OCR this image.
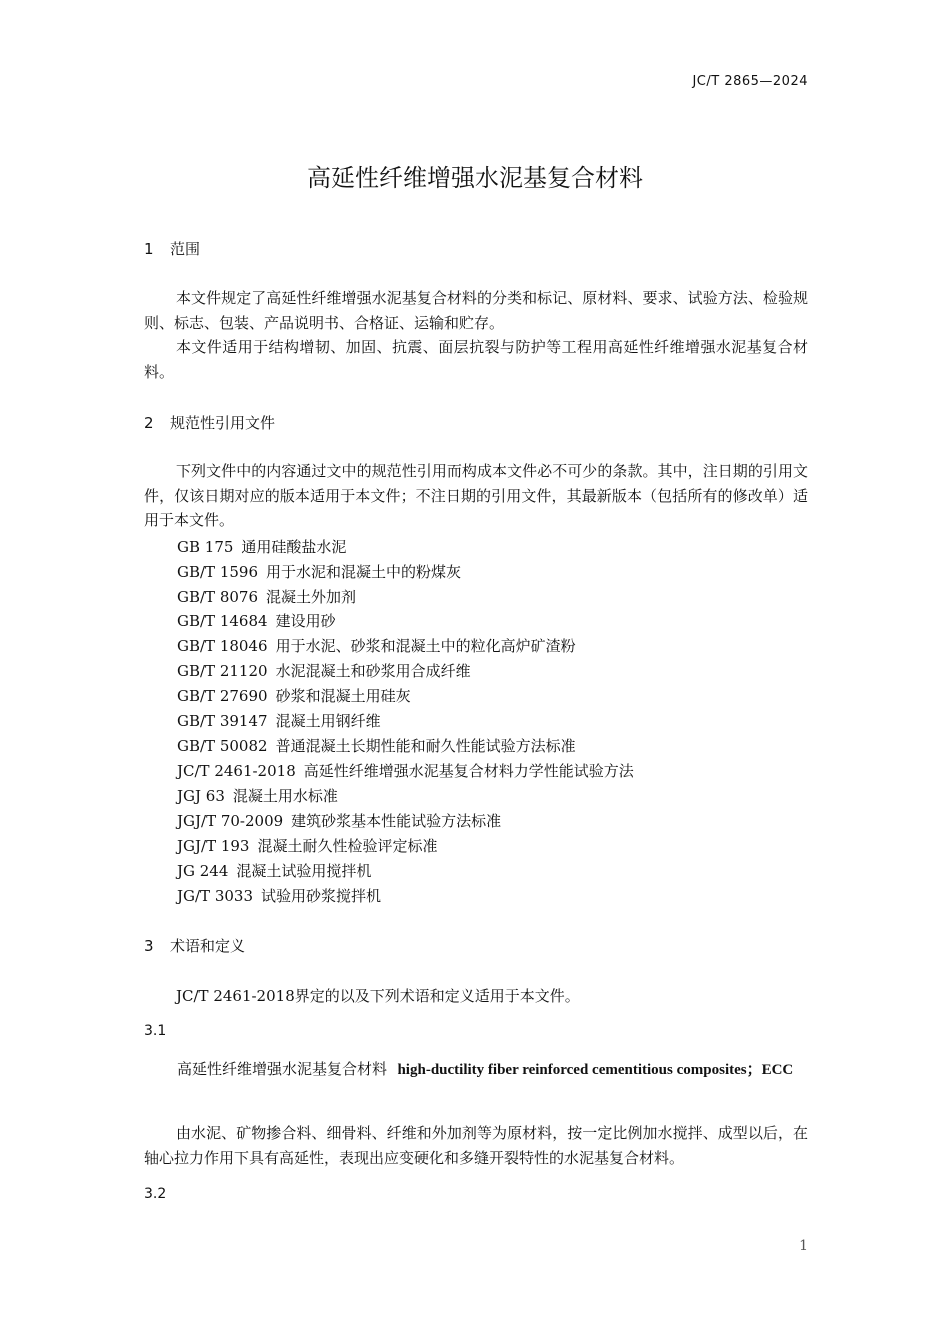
JC/T 2865—2024
高延性纤维增强水泥基复合材料
1 范围
本文件规定了高延性纤维增强水泥基复合材料的分类和标记、原材料、要求、试验方法、检验规则、标志、包装、产品说明书、合格证、运输和贮存。
本文件适用于结构增韧、加固、抗震、面层抗裂与防护等工程用高延性纤维增强水泥基复合材料。
2 规范性引用文件
下列文件中的内容通过文中的规范性引用而构成本文件必不可少的条款。其中，注日期的引用文件，仅该日期对应的版本适用于本文件；不注日期的引用文件，其最新版本（包括所有的修改单）适用于本文件。
GB 175 通用硅酸盐水泥
GB/T 1596 用于水泥和混凝土中的粉煤灰
GB/T 8076 混凝土外加剂
GB/T 14684 建设用砂
GB/T 18046 用于水泥、砂浆和混凝土中的粒化高炉矿渣粉
GB/T 21120 水泥混凝土和砂浆用合成纤维
GB/T 27690 砂浆和混凝土用硅灰
GB/T 39147 混凝土用钢纤维
GB/T 50082 普通混凝土长期性能和耐久性能试验方法标准
JC/T 2461-2018 高延性纤维增强水泥基复合材料力学性能试验方法
JGJ 63 混凝土用水标准
JGJ/T 70-2009 建筑砂浆基本性能试验方法标准
JGJ/T 193 混凝土耐久性检验评定标准
JG 244 混凝土试验用搅拌机
JG/T 3033 试验用砂浆搅拌机
3 术语和定义
JC/T 2461-2018界定的以及下列术语和定义适用于本文件。
3.1
高延性纤维增强水泥基复合材料 high-ductility fiber reinforced cementitious composites；ECC
由水泥、矿物掺合料、细骨料、纤维和外加剂等为原材料，按一定比例加水搅拌、成型以后，在轴心拉力作用下具有高延性，表现出应变硬化和多缝开裂特性的水泥基复合材料。
3.2
1
